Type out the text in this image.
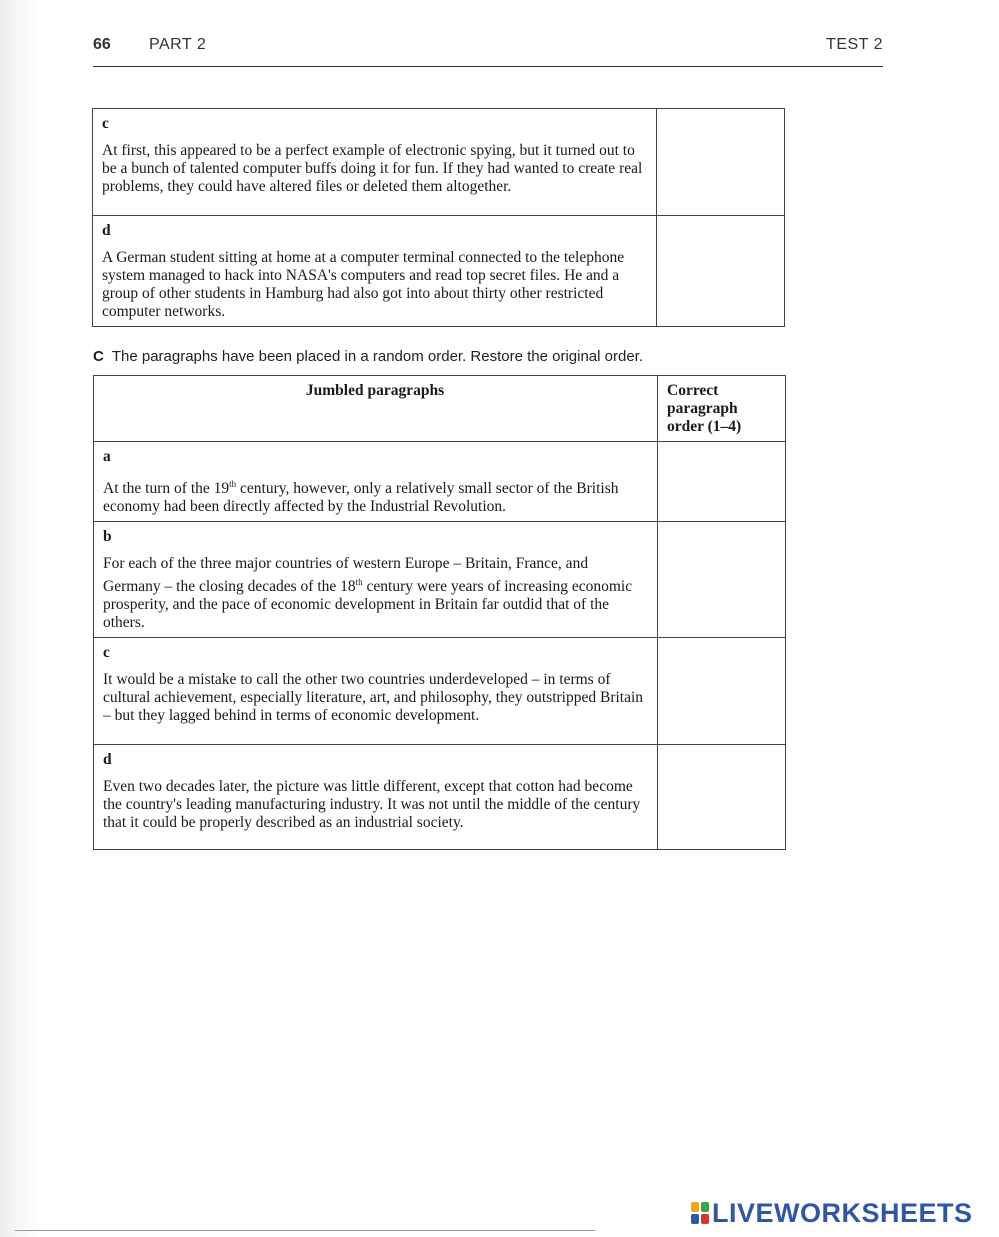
66 PART 2	TEST 2
c
At first, this appeared to be a perfect example of electronic spying, but it turned out to be a bunch of talented computer buffs doing it for fun. If they had wanted to create real problems, they could have altered files or deleted them altogether.	

d
A German student sitting at home at a computer terminal connected to the telephone system managed to hack into NASA's computers and read top secret files. He and a group of other students in Hamburg had also got into about thirty other restricted computer networks.	

C The paragraphs have been placed in a random order. Restore the original order.
Jumbled paragraphs	Correct paragraph order (1–4)

a
At the turn of the 19th century, however, only a relatively small sector of the British economy had been directly affected by the Industrial Revolution.	

b
For each of the three major countries of western Europe – Britain, France, and Germany – the closing decades of the 18th century were years of increasing economic prosperity, and the pace of economic development in Britain far outdid that of the others.	

c
It would be a mistake to call the other two countries underdeveloped – in terms of cultural achievement, especially literature, art, and philosophy, they outstripped Britain – but they lagged behind in terms of economic development.	

d
Even two decades later, the picture was little different, except that cotton had become the country's leading manufacturing industry. It was not until the middle of the century that it could be properly described as an industrial society.	

LIVEWORKSHEETS
